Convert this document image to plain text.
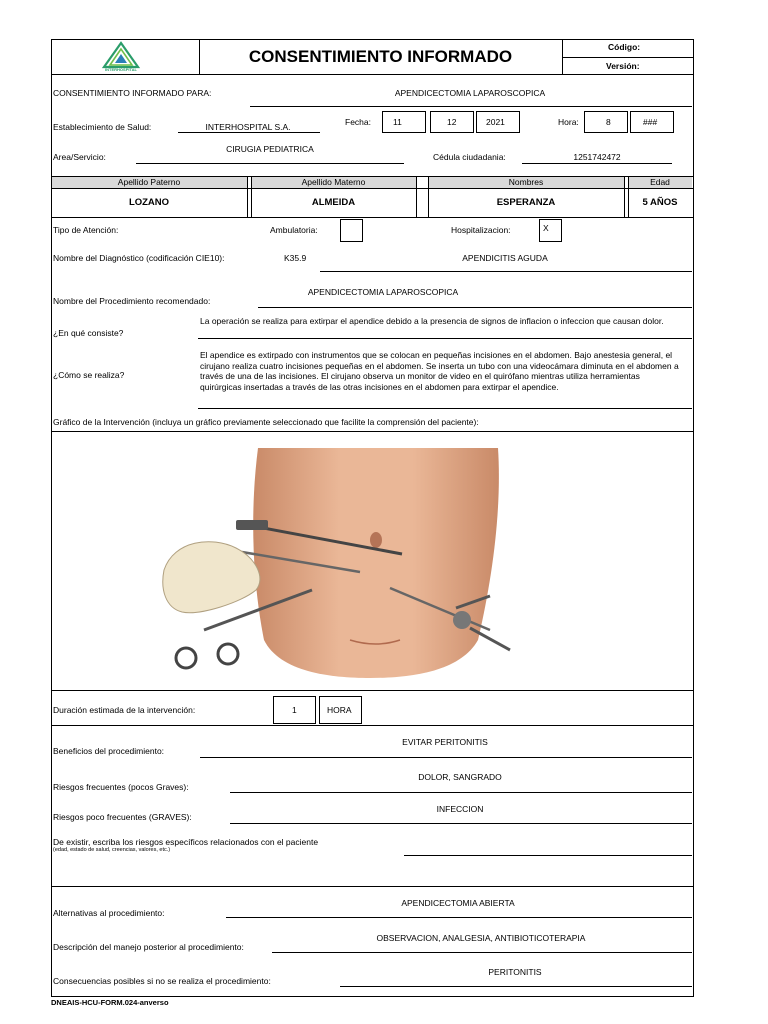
INTERHOSPITAL
CONSENTIMIENTO INFORMADO	Código:
Versión:
CONSENTIMIENTO INFORMADO PARA:	APENDICECTOMIA LAPAROSCOPICA
Establecimiento de Salud:	INTERHOSPITAL S.A.	Fecha:	11	12	2021	Hora:	8	###
Area/Servicio:
CIRUGIA PEDIATRICA
Cédula ciudadania:	1251742472
Apellido Paterno	Apellido Materno	Nombres	Edad
LOZANO	ALMEIDA	ESPERANZA	5 AÑOS
Tipo de Atención:	Ambulatoria:	Hospitalizacion:	X
Nombre del Diagnóstico (codificación CIE10):	K35.9	APENDICITIS AGUDA
Nombre del Procedimiento recomendado:
APENDICECTOMIA LAPAROSCOPICA
¿En qué consiste?
La operación se realiza para extirpar el apendice debido a la presencia de signos de inflacion o infeccion que causan dolor.
¿Cómo se realiza?
El apendice es extirpado con instrumentos que se colocan en pequeñas incisiones en el abdomen. Bajo anestesia general, el cirujano realiza cuatro incisiones pequeñas en el abdomen. Se inserta un tubo con una videocámara diminuta en el abdomen a través de una de las incisiones. El cirujano observa un monitor de video en el quirófano mientras utiliza herramientas quirúrgicas insertadas a través de las otras incisiones en el abdomen para extirpar el apendice.
Gráfico de la Intervención (incluya un gráfico previamente seleccionado que facilite la comprensión del paciente):
Duración estimada de la intervención:	1	HORA
Beneficios del procedimiento:
EVITAR PERITONITIS
Riesgos frecuentes (pocos Graves):
DOLOR, SANGRADO
Riesgos poco frecuentes (GRAVES):
INFECCION
De existir, escriba los riesgos específicos relacionados con el paciente
(edad, estado de salud, creencias, valores, etc.)
Alternativas al procedimiento:
APENDICECTOMIA ABIERTA
Descripción del manejo posterior al procedimiento:
OBSERVACION, ANALGESIA, ANTIBIOTICOTERAPIA
Consecuencias posibles si no se realiza el procedimiento:
PERITONITIS
DNEAIS-HCU-FORM.024-anverso
